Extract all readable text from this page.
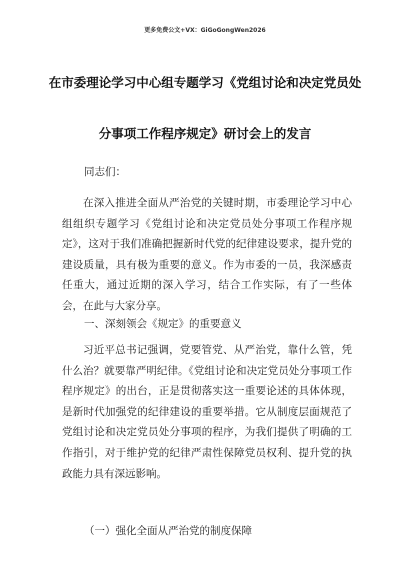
更多免费公文+VX：GiGoGongWen2026
在市委理论学习中心组专题学习《党组讨论和决定党员处
分事项工作程序规定》研讨会上的发言
同志们：

在深入推进全面从严治党的关键时期，市委理论学习中心组组织专题学习《党组讨论和决定党员处分事项工作程序规定》，这对于我们准确把握新时代党的纪律建设要求，提升党的建设质量，具有极为重要的意义。作为市委的一员，我深感责任重大，通过近期的深入学习，结合工作实际，有了一些体会，在此与大家分享。

一、深刻领会《规定》的重要意义

习近平总书记强调，党要管党、从严治党，靠什么管，凭什么治？就要靠严明纪律。《党组讨论和决定党员处分事项工作程序规定》的出台，正是贯彻落实这一重要论述的具体体现，是新时代加强党的纪律建设的重要举措。它从制度层面规范了党组讨论和决定党员处分事项的程序，为我们提供了明确的工作指引，对于维护党的纪律严肃性保障党员权利、提升党的执政能力具有深远影响。

（一）强化全面从严治党的制度保障
